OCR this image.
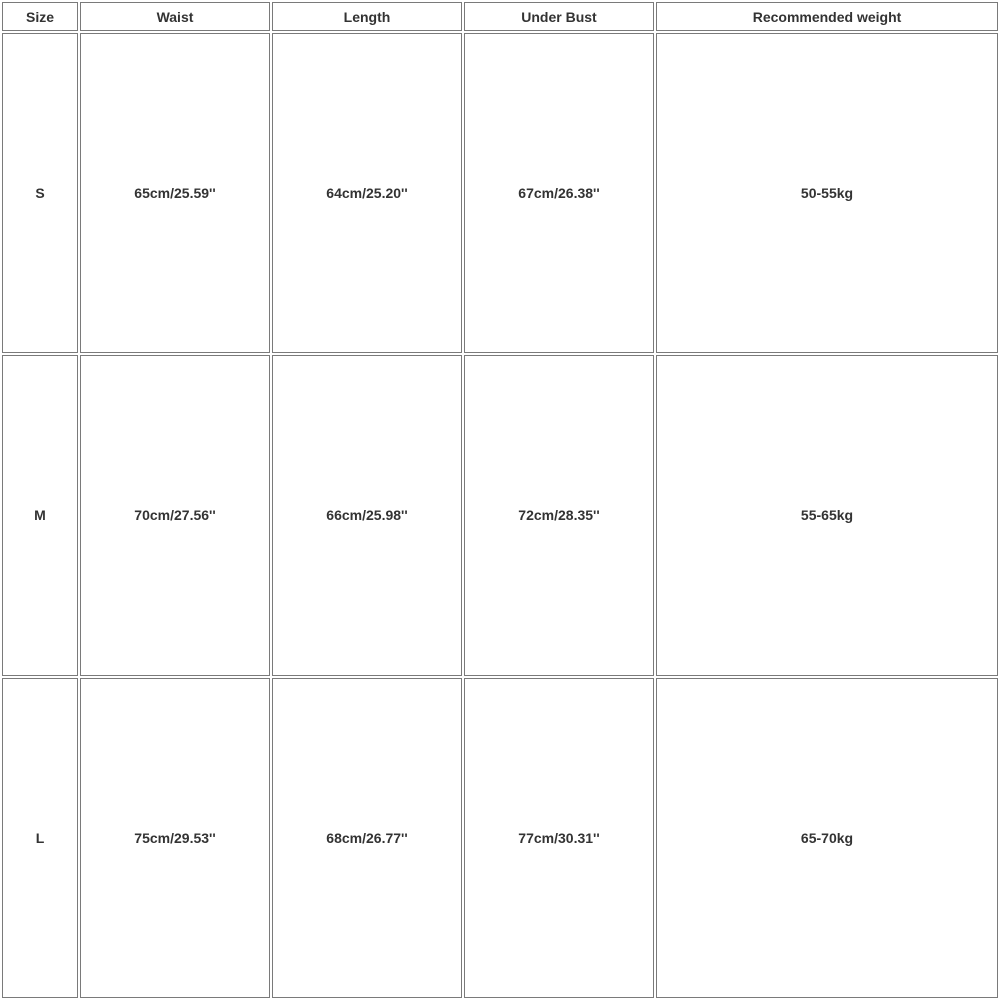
Size	Waist	Length	Under Bust	Recommended weight
S	65cm/25.59''	64cm/25.20''	67cm/26.38''	50-55kg
M	70cm/27.56''	66cm/25.98''	72cm/28.35''	55-65kg
L	75cm/29.53''	68cm/26.77''	77cm/30.31''	65-70kg
